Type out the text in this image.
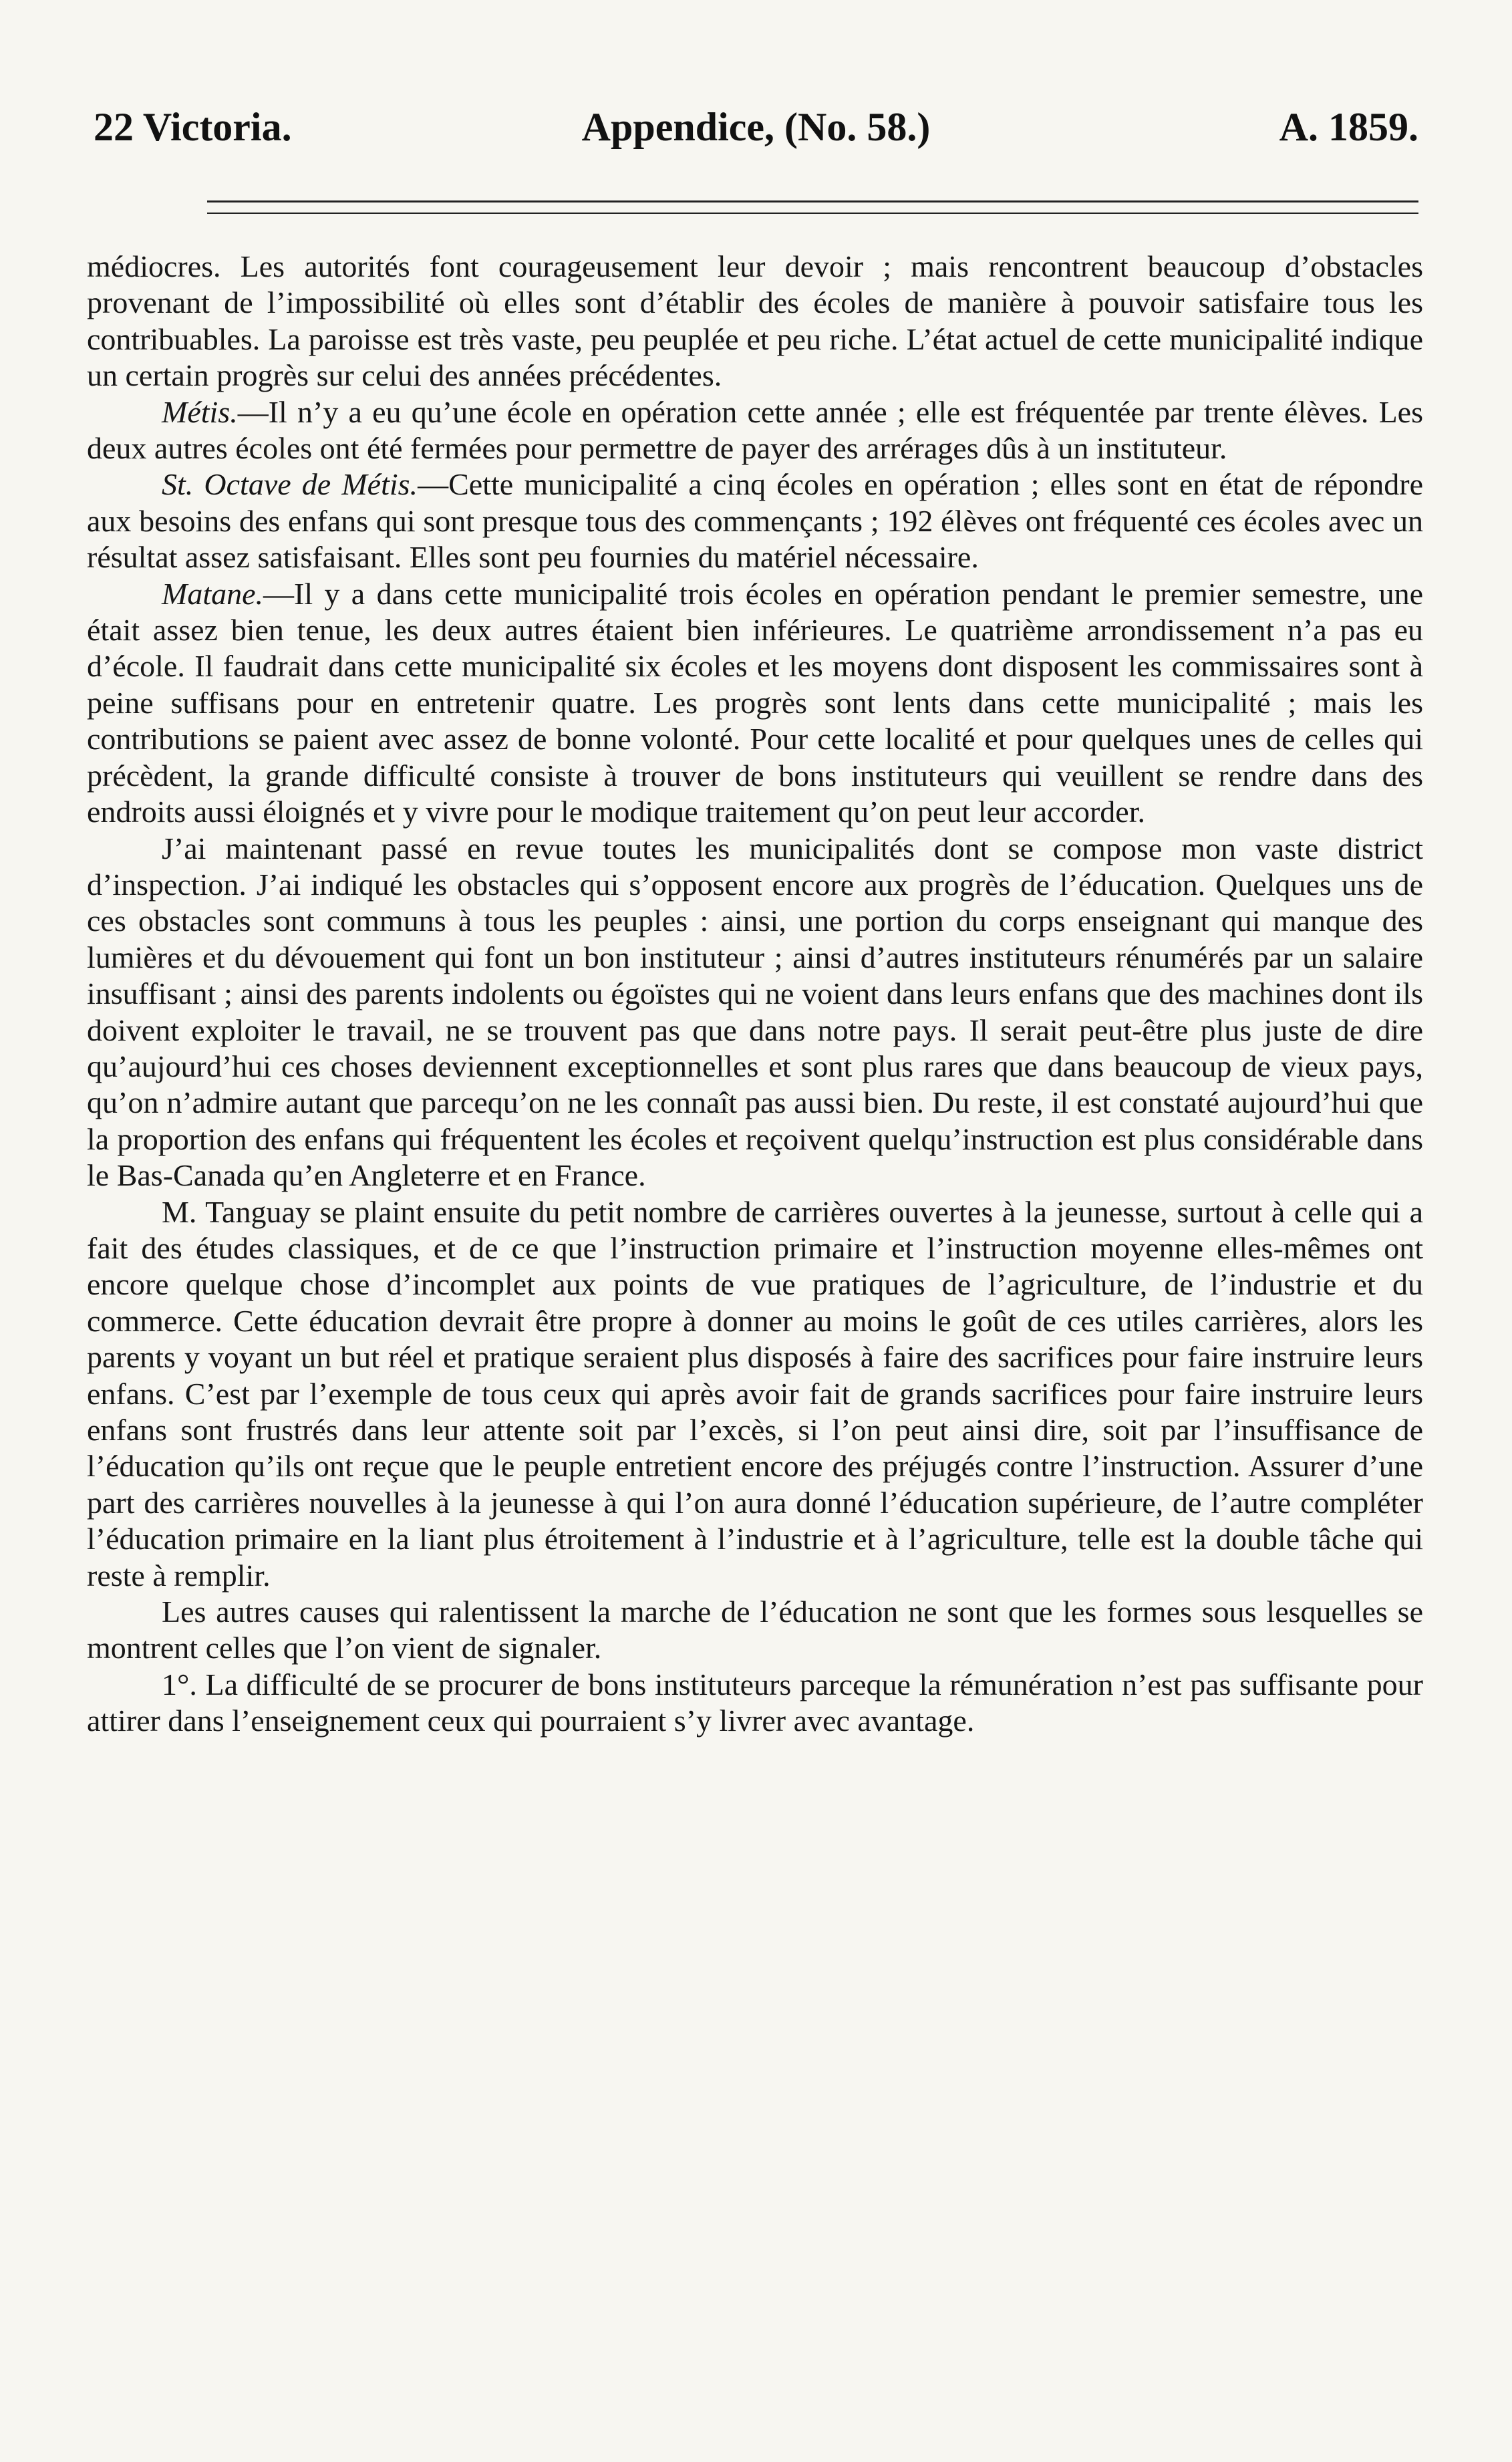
22 Victoria.	Appendice, (No. 58.)	A. 1859.

médiocres. Les autorités font courageusement leur devoir ; mais rencontrent beaucoup d’obstacles provenant de l’impossibilité où elles sont d’établir des écoles de manière à pouvoir satisfaire tous les contribuables. La paroisse est très vaste, peu peuplée et peu riche. L’état actuel de cette municipalité indique un certain progrès sur celui des années précédentes.

Métis.—Il n’y a eu qu’une école en opération cette année ; elle est fréquentée par trente élèves. Les deux autres écoles ont été fermées pour permettre de payer des arrérages dûs à un instituteur.

St. Octave de Métis.—Cette municipalité a cinq écoles en opération ; elles sont en état de répondre aux besoins des enfans qui sont presque tous des commençants ; 192 élèves ont fréquenté ces écoles avec un résultat assez satisfaisant. Elles sont peu fournies du matériel nécessaire.

Matane.—Il y a dans cette municipalité trois écoles en opération pendant le premier semestre, une était assez bien tenue, les deux autres étaient bien inférieures. Le quatrième arrondissement n’a pas eu d’école. Il faudrait dans cette municipalité six écoles et les moyens dont disposent les commissaires sont à peine suffisans pour en entretenir quatre. Les progrès sont lents dans cette municipalité ; mais les contributions se paient avec assez de bonne volonté. Pour cette localité et pour quelques unes de celles qui précèdent, la grande difficulté consiste à trouver de bons instituteurs qui veuillent se rendre dans des endroits aussi éloignés et y vivre pour le modique traitement qu’on peut leur accorder.

J’ai maintenant passé en revue toutes les municipalités dont se compose mon vaste district d’inspection. J’ai indiqué les obstacles qui s’opposent encore aux progrès de l’éducation. Quelques uns de ces obstacles sont communs à tous les peuples : ainsi, une portion du corps enseignant qui manque des lumières et du dévouement qui font un bon instituteur ; ainsi d’autres instituteurs rénumérés par un salaire insuffisant ; ainsi des parents indolents ou égoïstes qui ne voient dans leurs enfans que des machines dont ils doivent exploiter le travail, ne se trouvent pas que dans notre pays. Il serait peut-être plus juste de dire qu’aujourd’hui ces choses deviennent exceptionnelles et sont plus rares que dans beaucoup de vieux pays, qu’on n’admire autant que parcequ’on ne les connaît pas aussi bien. Du reste, il est constaté aujourd’hui que la proportion des enfans qui fréquentent les écoles et reçoivent quelqu’instruction est plus considérable dans le Bas-Canada qu’en Angleterre et en France.

M. Tanguay se plaint ensuite du petit nombre de carrières ouvertes à la jeunesse, surtout à celle qui a fait des études classiques, et de ce que l’instruction primaire et l’instruction moyenne elles-mêmes ont encore quelque chose d’incomplet aux points de vue pratiques de l’agriculture, de l’industrie et du commerce. Cette éducation devrait être propre à donner au moins le goût de ces utiles carrières, alors les parents y voyant un but réel et pratique seraient plus disposés à faire des sacrifices pour faire instruire leurs enfans. C’est par l’exemple de tous ceux qui après avoir fait de grands sacrifices pour faire instruire leurs enfans sont frustrés dans leur attente soit par l’excès, si l’on peut ainsi dire, soit par l’insuffisance de l’éducation qu’ils ont reçue que le peuple entretient encore des préjugés contre l’instruction. Assurer d’une part des carrières nouvelles à la jeunesse à qui l’on aura donné l’éducation supérieure, de l’autre compléter l’éducation primaire en la liant plus étroitement à l’industrie et à l’agriculture, telle est la double tâche qui reste à remplir.

Les autres causes qui ralentissent la marche de l’éducation ne sont que les formes sous lesquelles se montrent celles que l’on vient de signaler.

1°. La difficulté de se procurer de bons instituteurs parceque la rémunération n’est pas suffisante pour attirer dans l’enseignement ceux qui pourraient s’y livrer avec avantage.
